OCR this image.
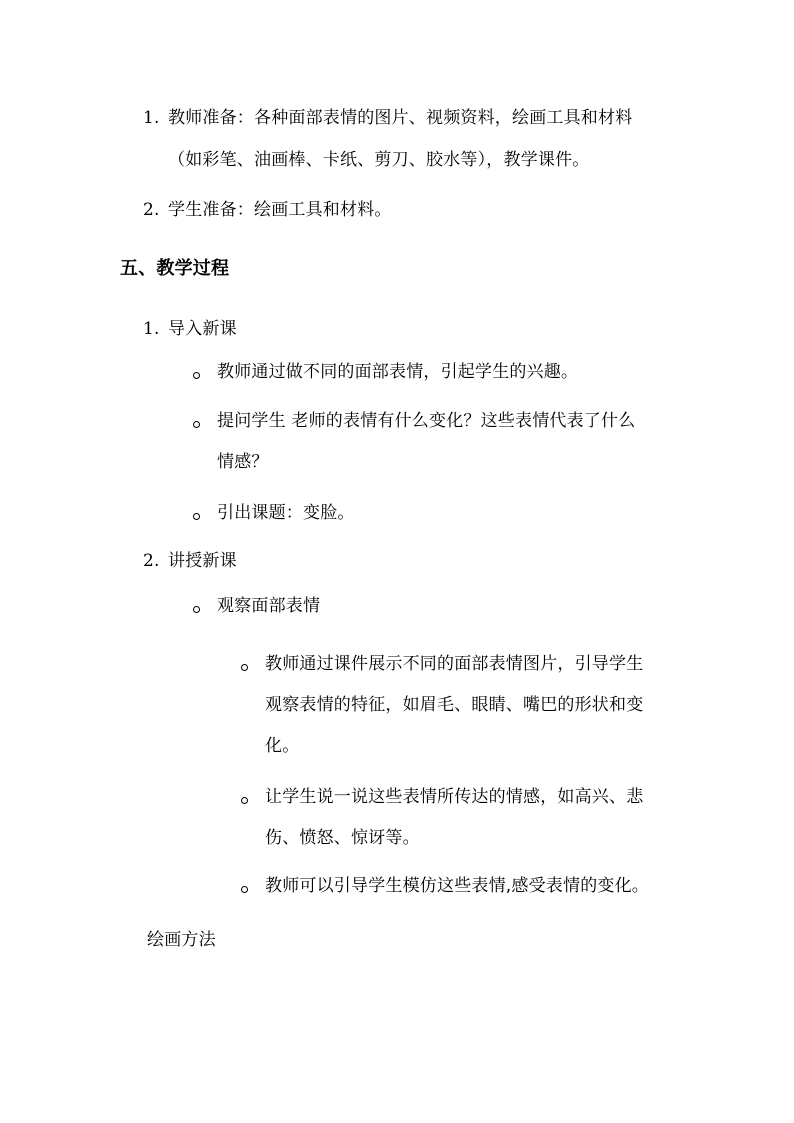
1. 教师准备：各种面部表情的图片、视频资料，绘画工具和材料
（如彩笔、油画棒、卡纸、剪刀、胶水等），教学课件。
2. 学生准备：绘画工具和材料。
五、教学过程
1. 导入新课
教师通过做不同的面部表情，引起学生的兴趣。
提问学生 老师的表情有什么变化？这些表情代表了什么
情感？
引出课题：变脸。
2. 讲授新课
观察面部表情
教师通过课件展示不同的面部表情图片，引导学生
观察表情的特征，如眉毛、眼睛、嘴巴的形状和变
化。
让学生说一说这些表情所传达的情感，如高兴、悲
伤、愤怒、惊讶等。
教师可以引导学生模仿这些表情,感受表情的变化。
绘画方法
